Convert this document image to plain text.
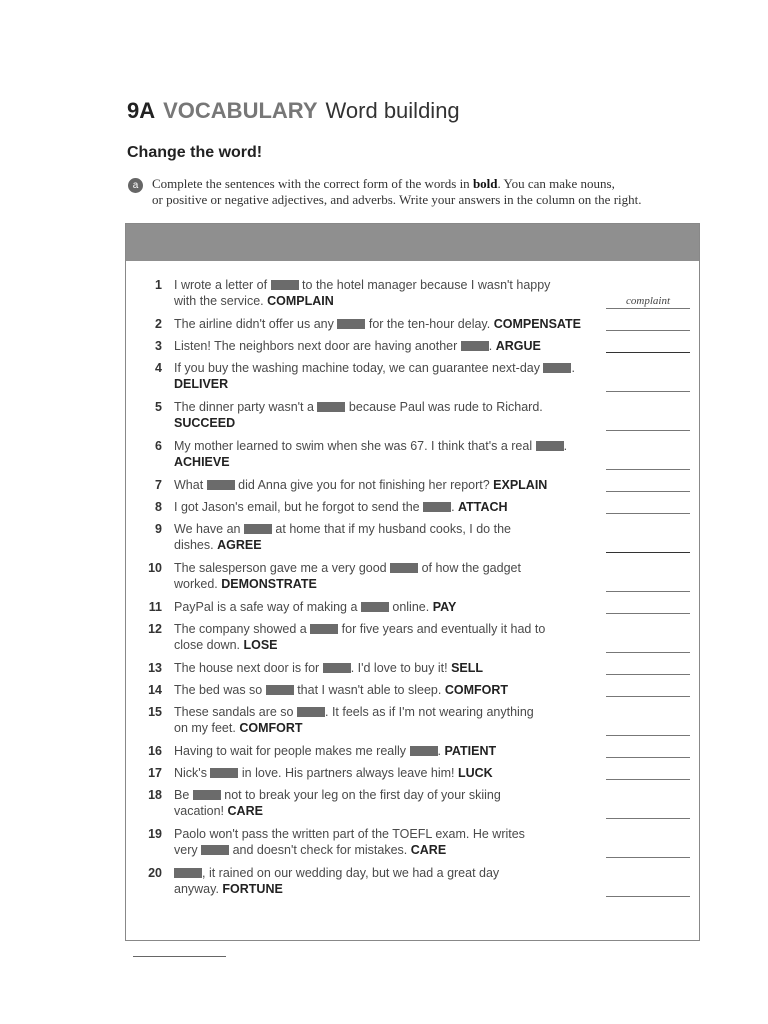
9A VOCABULARY Word building
Change the word!
a	Complete the sentences with the correct form of the words in bold. You can make nouns,
or positive or negative adjectives, and adverbs. Write your answers in the column on the right.
1 I wrote a letter of  to the hotel manager because I wasn't happy
with the service. COMPLAIN	complaint
2 The airline didn't offer us any  for the ten-hour delay. COMPENSATE
3 Listen! The neighbors next door are having another . ARGUE
4 If you buy the washing machine today, we can guarantee next-day .
DELIVER
5 The dinner party wasn't a  because Paul was rude to Richard.
SUCCEED
6 My mother learned to swim when she was 67. I think that's a real .
ACHIEVE
7 What  did Anna give you for not finishing her report? EXPLAIN
8 I got Jason's email, but he forgot to send the . ATTACH
9 We have an  at home that if my husband cooks, I do the
dishes. AGREE
10 The salesperson gave me a very good  of how the gadget
worked. DEMONSTRATE
11 PayPal is a safe way of making a  online. PAY
12 The company showed a  for five years and eventually it had to
close down. LOSE
13 The house next door is for . I'd love to buy it! SELL
14 The bed was so  that I wasn't able to sleep. COMFORT
15 These sandals are so . It feels as if I'm not wearing anything
on my feet. COMFORT
16 Having to wait for people makes me really . PATIENT
17 Nick's  in love. His partners always leave him! LUCK
18 Be  not to break your leg on the first day of your skiing
vacation! CARE
19 Paolo won't pass the written part of the TOEFL exam. He writes
very  and doesn't check for mistakes. CARE
20	, it rained on our wedding day, but we had a great day
anyway. FORTUNE
